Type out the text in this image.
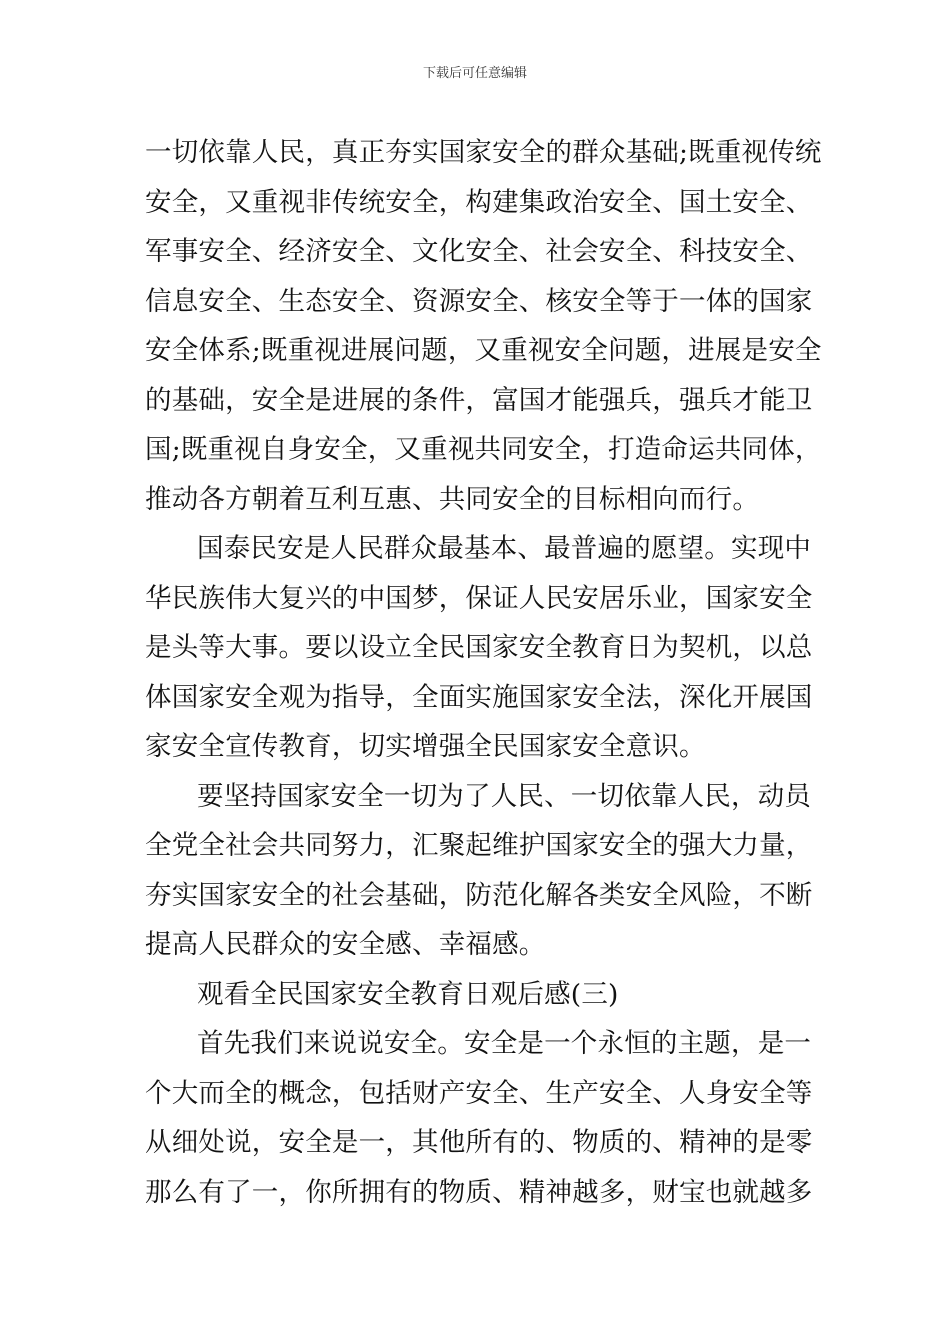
下载后可任意编辑
一切依靠人民，真正夯实国家安全的群众基础;既重视传统
安全，又重视非传统安全，构建集政治安全、国土安全、
军事安全、经济安全、文化安全、社会安全、科技安全、
信息安全、生态安全、资源安全、核安全等于一体的国家
安全体系;既重视进展问题，又重视安全问题，进展是安全
的基础，安全是进展的条件，富国才能强兵，强兵才能卫
国;既重视自身安全，又重视共同安全，打造命运共同体，
推动各方朝着互利互惠、共同安全的目标相向而行。
国泰民安是人民群众最基本、最普遍的愿望。实现中
华民族伟大复兴的中国梦，保证人民安居乐业，国家安全
是头等大事。要以设立全民国家安全教育日为契机，以总
体国家安全观为指导，全面实施国家安全法，深化开展国
家安全宣传教育，切实增强全民国家安全意识。
要坚持国家安全一切为了人民、一切依靠人民，动员
全党全社会共同努力，汇聚起维护国家安全的强大力量，
夯实国家安全的社会基础，防范化解各类安全风险，不断
提高人民群众的安全感、幸福感。
观看全民国家安全教育日观后感(三)
首先我们来说说安全。安全是一个永恒的主题，是一
个大而全的概念，包括财产安全、生产安全、人身安全等
从细处说，安全是一，其他所有的、物质的、精神的是零
那么有了一，你所拥有的物质、精神越多，财宝也就越多
